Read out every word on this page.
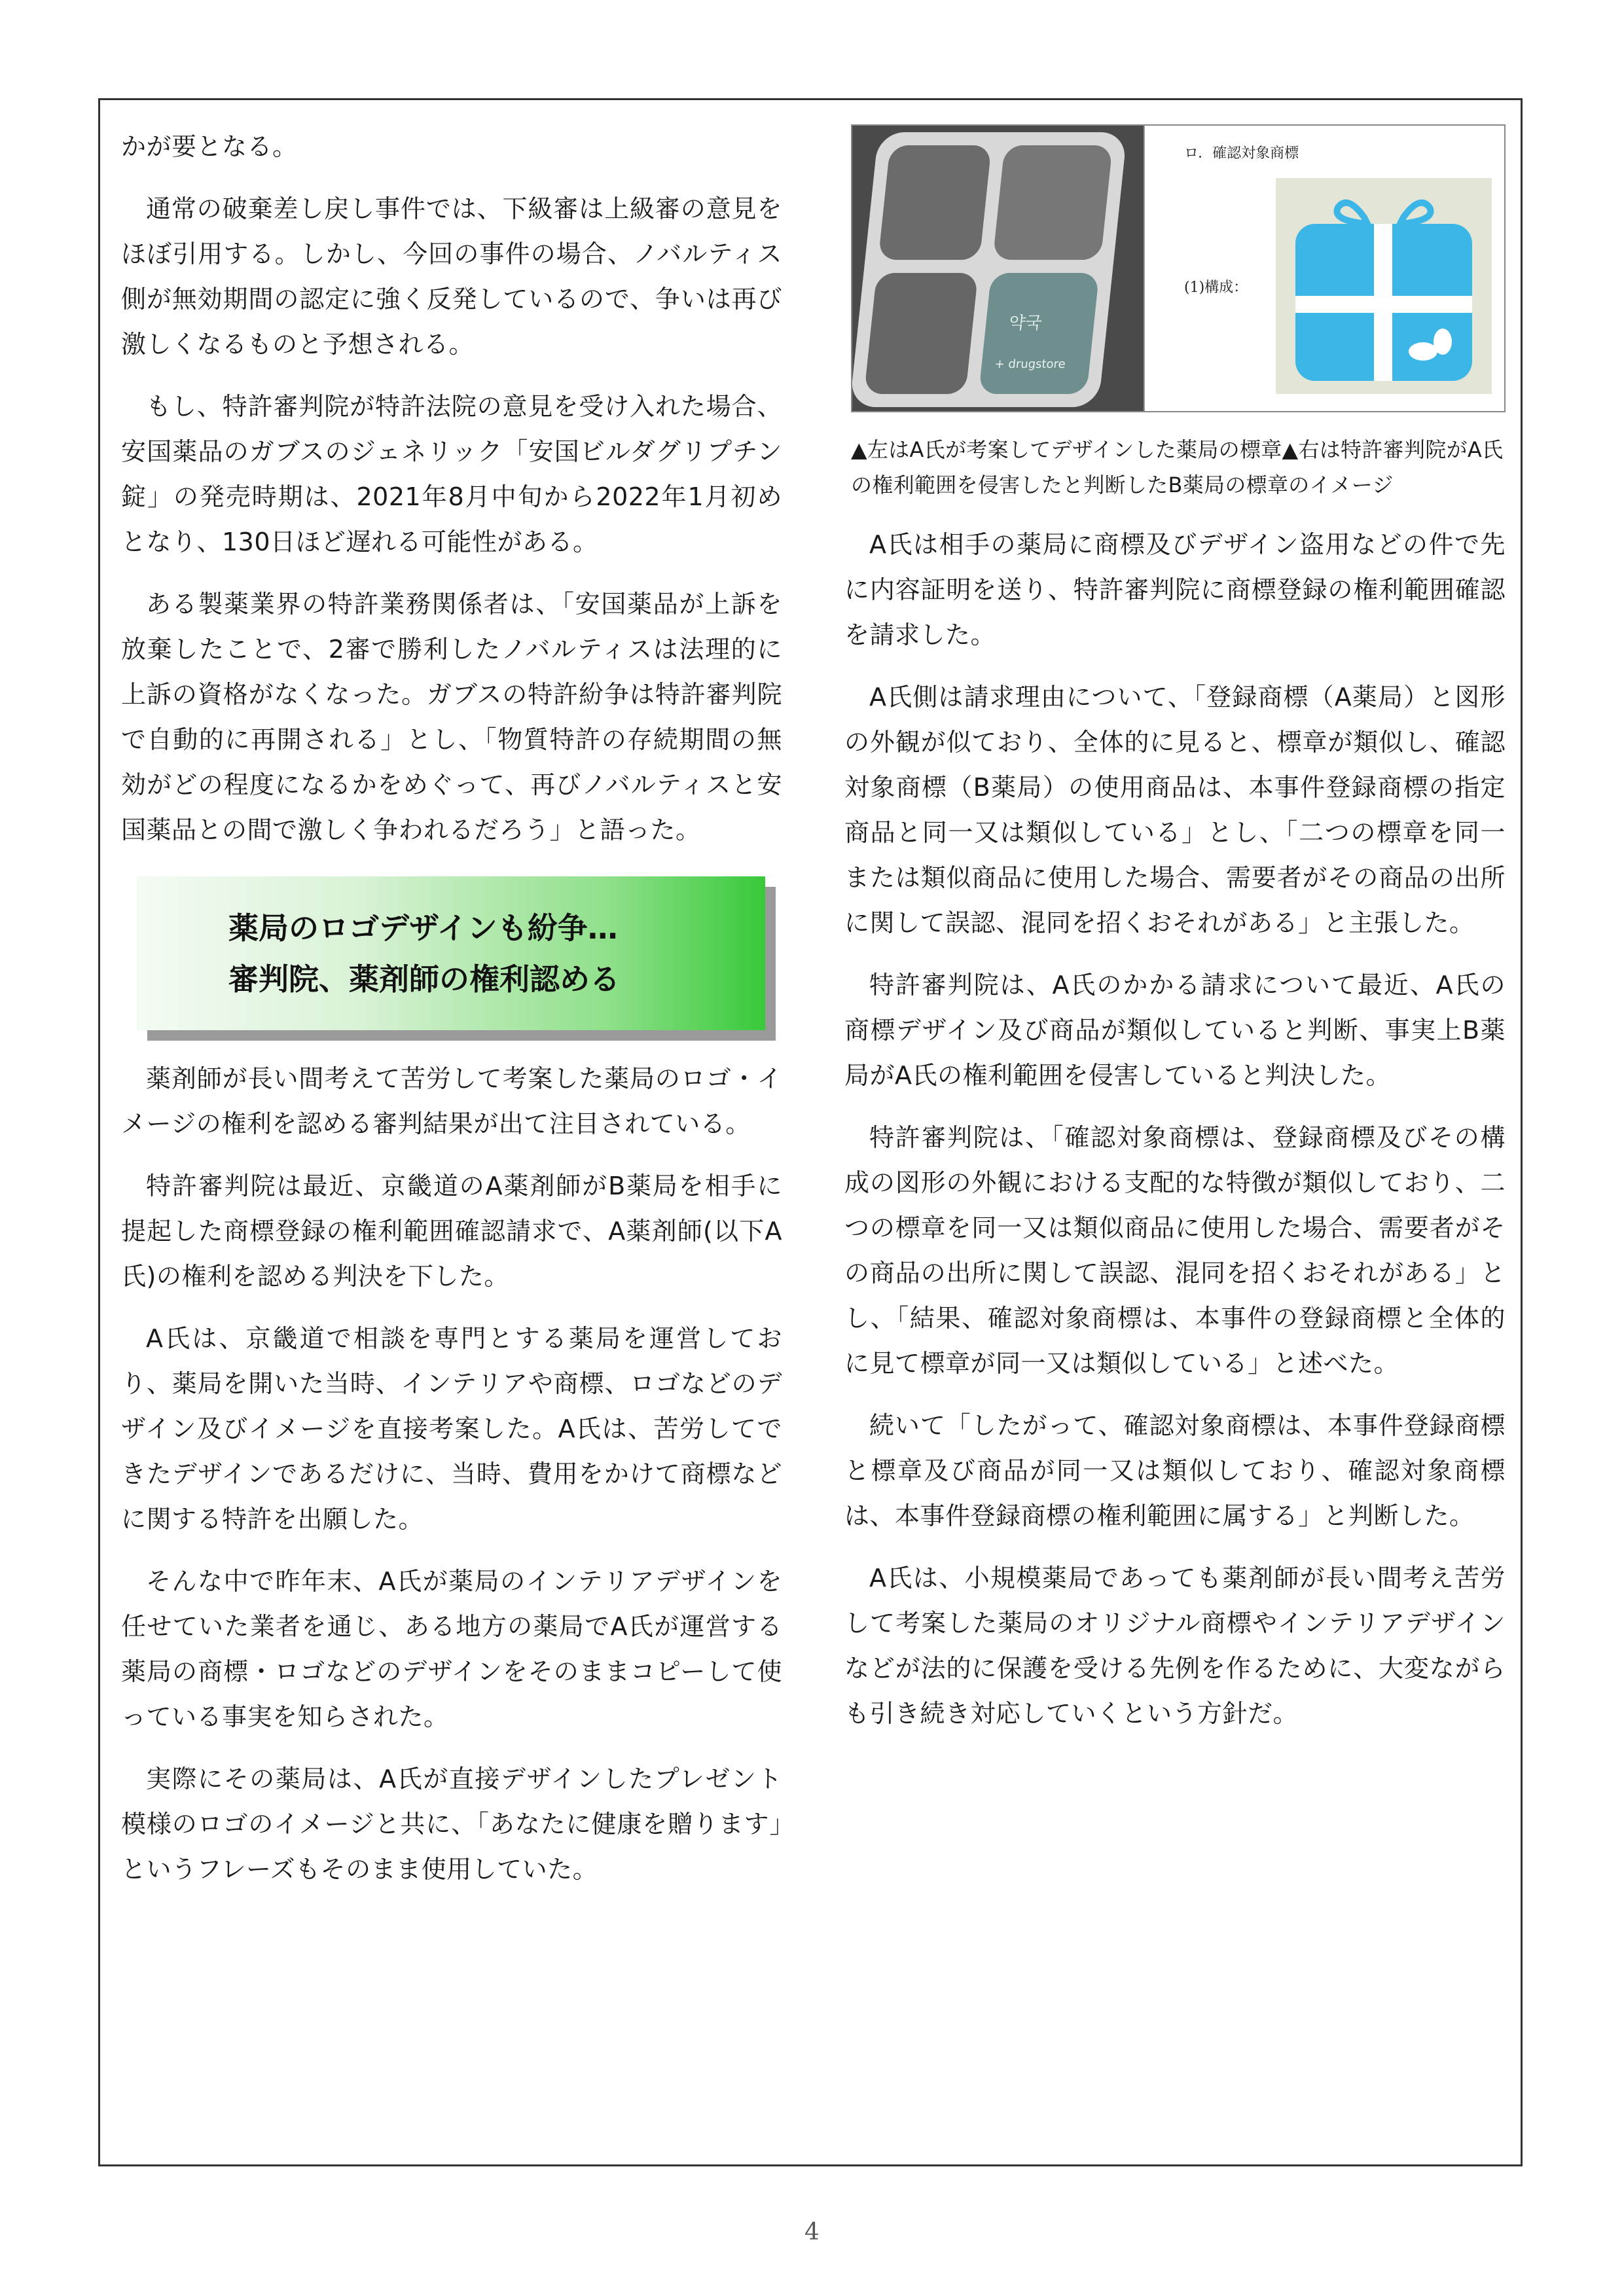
かが要となる。

通常の破棄差し戻し事件では、下級審は上級審の意見をほぼ引用する。しかし、今回の事件の場合、ノバルティス側が無効期間の認定に強く反発しているので、争いは再び激しくなるものと予想される。

もし、特許審判院が特許法院の意見を受け入れた場合、安国薬品のガブスのジェネリック「安国ビルダグリプチン錠」の発売時期は、2021年8月中旬から2022年1月初めとなり、130日ほど遅れる可能性がある。

ある製薬業界の特許業務関係者は、「安国薬品が上訴を放棄したことで、2審で勝利したノバルティスは法理的に上訴の資格がなくなった。ガブスの特許紛争は特許審判院で自動的に再開される」とし、「物質特許の存続期間の無効がどの程度になるかをめぐって、再びノバルティスと安国薬品との間で激しく争われるだろう」と語った。

薬局のロゴデザインも紛争…
審判院、薬剤師の権利認める

薬剤師が長い間考えて苦労して考案した薬局のロゴ・イメージの権利を認める審判結果が出て注目されている。

特許審判院は最近、京畿道のA薬剤師がB薬局を相手に提起した商標登録の権利範囲確認請求で、A薬剤師(以下A氏)の権利を認める判決を下した。

A氏は、京畿道で相談を専門とする薬局を運営しており、薬局を開いた当時、インテリアや商標、ロゴなどのデザイン及びイメージを直接考案した。A氏は、苦労してできたデザインであるだけに、当時、費用をかけて商標などに関する特許を出願した。

そんな中で昨年末、A氏が薬局のインテリアデザインを任せていた業者を通じ、ある地方の薬局でA氏が運営する薬局の商標・ロゴなどのデザインをそのままコピーして使っている事実を知らされた。

実際にその薬局は、A氏が直接デザインしたプレゼント模様のロゴのイメージと共に、「あなたに健康を贈ります」というフレーズもそのまま使用していた。

약국
+ drugstore
ロ．確認対象商標
(1)構成：

▲左はA氏が考案してデザインした薬局の標章▲右は特許審判院がA氏の権利範囲を侵害したと判断したB薬局の標章のイメージ

A氏は相手の薬局に商標及びデザイン盗用などの件で先に内容証明を送り、特許審判院に商標登録の権利範囲確認を請求した。

A氏側は請求理由について、「登録商標（A薬局）と図形の外観が似ており、全体的に見ると、標章が類似し、確認対象商標（B薬局）の使用商品は、本事件登録商標の指定商品と同一又は類似している」とし、「二つの標章を同一または類似商品に使用した場合、需要者がその商品の出所に関して誤認、混同を招くおそれがある」と主張した。

特許審判院は、A氏のかかる請求について最近、A氏の商標デザイン及び商品が類似していると判断、事実上B薬局がA氏の権利範囲を侵害していると判決した。

特許審判院は、「確認対象商標は、登録商標及びその構成の図形の外観における支配的な特徴が類似しており、二つの標章を同一又は類似商品に使用した場合、需要者がその商品の出所に関して誤認、混同を招くおそれがある」とし、「結果、確認対象商標は、本事件の登録商標と全体的に見て標章が同一又は類似している」と述べた。

続いて「したがって、確認対象商標は、本事件登録商標と標章及び商品が同一又は類似しており、確認対象商標は、本事件登録商標の権利範囲に属する」と判断した。

A氏は、小規模薬局であっても薬剤師が長い間考え苦労して考案した薬局のオリジナル商標やインテリアデザインなどが法的に保護を受ける先例を作るために、大変ながらも引き続き対応していくという方針だ。

4
